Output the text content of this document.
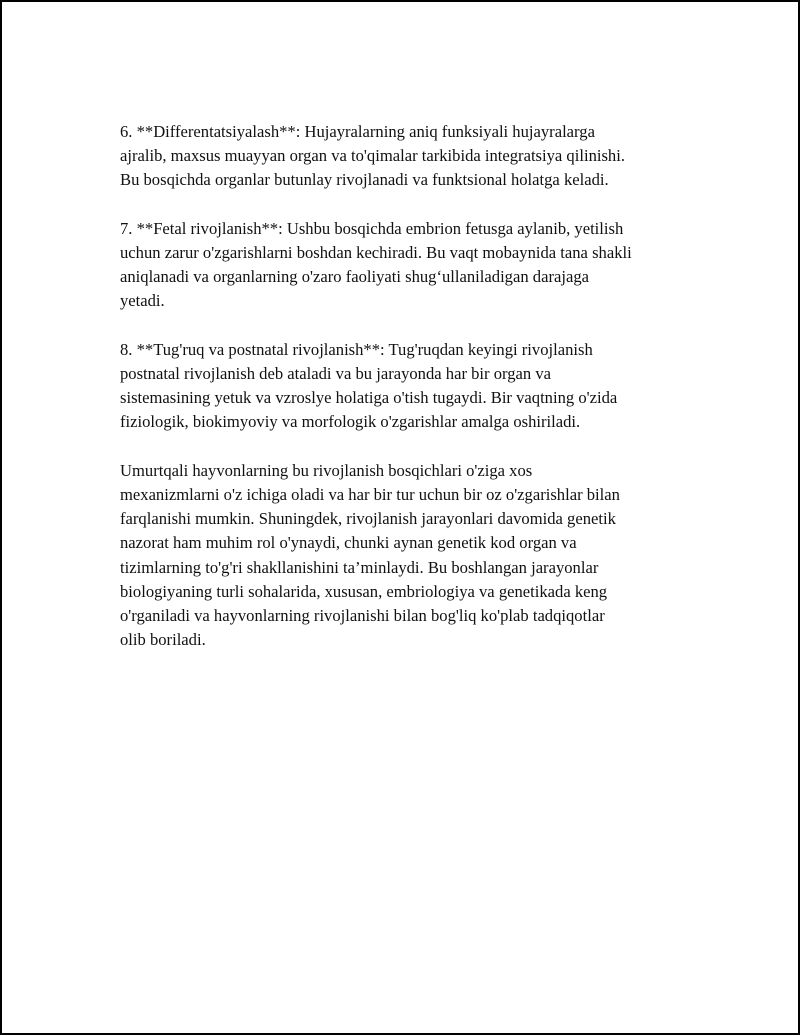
6. **Differentatsiyalash**: Hujayralarning aniq funksiyali hujayralarga
ajralib, maxsus muayyan organ va to'qimalar tarkibida integratsiya qilinishi.
Bu bosqichda organlar butunlay rivojlanadi va funktsional holatga keladi.

7. **Fetal rivojlanish**: Ushbu bosqichda embrion fetusga aylanib, yetilish
uchun zarur o'zgarishlarni boshdan kechiradi. Bu vaqt mobaynida tana shakli
aniqlanadi va organlarning o'zaro faoliyati shug‘ullaniladigan darajaga
yetadi.

8. **Tug'ruq va postnatal rivojlanish**: Tug'ruqdan keyingi rivojlanish
postnatal rivojlanish deb ataladi va bu jarayonda har bir organ va
sistemasining yetuk va vzroslye holatiga o'tish tugaydi. Bir vaqtning o'zida
fiziologik, biokimyoviy va morfologik o'zgarishlar amalga oshiriladi.

Umurtqali hayvonlarning bu rivojlanish bosqichlari o'ziga xos
mexanizmlarni o'z ichiga oladi va har bir tur uchun bir oz o'zgarishlar bilan
farqlanishi mumkin. Shuningdek, rivojlanish jarayonlari davomida genetik
nazorat ham muhim rol o'ynaydi, chunki aynan genetik kod organ va
tizimlarning to'g'ri shakllanishini ta’minlaydi. Bu boshlangan jarayonlar
biologiyaning turli sohalarida, xususan, embriologiya va genetikada keng
o'rganiladi va hayvonlarning rivojlanishi bilan bog'liq ko'plab tadqiqotlar
olib boriladi.
